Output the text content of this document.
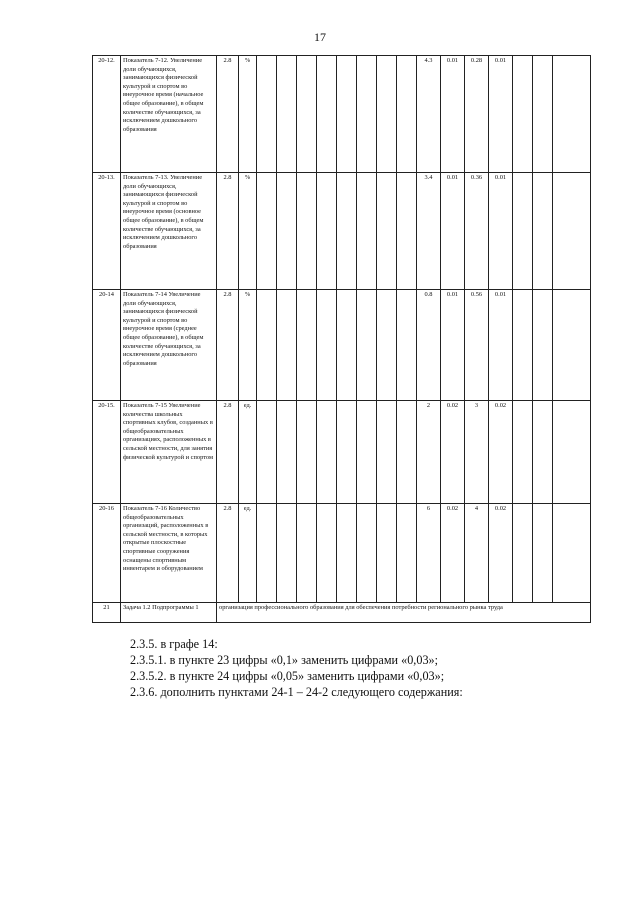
17
20-12.	Показатель 7-12. Увеличение доли обучающихся, занимающихся физической культурой и спортом во внеурочное время (начальное общее образование), в общем количестве обучающихся, за исключением дошкольного образования	2.8	%									4.3	0.01	0.28	0.01			
20-13.	Показатель 7-13. Увеличение доли обучающихся, занимающихся физической культурой и спортом во внеурочное время (основное общее образование), в общем количестве обучающихся, за исключением дошкольного образования	2.8	%									3.4	0.01	0.36	0.01			
20-14	Показатель 7-14 Увеличение доли обучающихся, занимающихся физической культурой и спортом во внеурочное время (среднее общее образование), в общем количестве обучающихся, за исключением дошкольного образования	2.8	%									0.8	0.01	0.56	0.01			
20-15.	Показатель 7-15 Увеличение количества школьных спортивных клубов, созданных в общеобразовательных организациях, расположенных в сельской местности, для занятия физической культурой и спортом	2.8	ед.									2	0.02	3	0.02			
20-16	Показатель 7-16 Количество общеобразовательных организаций, расположенных в сельской местности, в которых открытые плоскостные спортивные сооружения оснащены спортивным инвентарем и оборудованием	2.8	ед.									6	0.02	4	0.02			
21	Задача 1.2 Подпрограммы 1	организация профессионального образования для обеспечения потребности регионального рынка труда																
2.3.5. в графе 14:
2.3.5.1. в пункте 23 цифры «0,1» заменить цифрами «0,03»;
2.3.5.2. в пункте 24 цифры «0,05» заменить цифрами «0,03»;
2.3.6. дополнить пунктами 24-1 – 24-2 следующего содержания:
